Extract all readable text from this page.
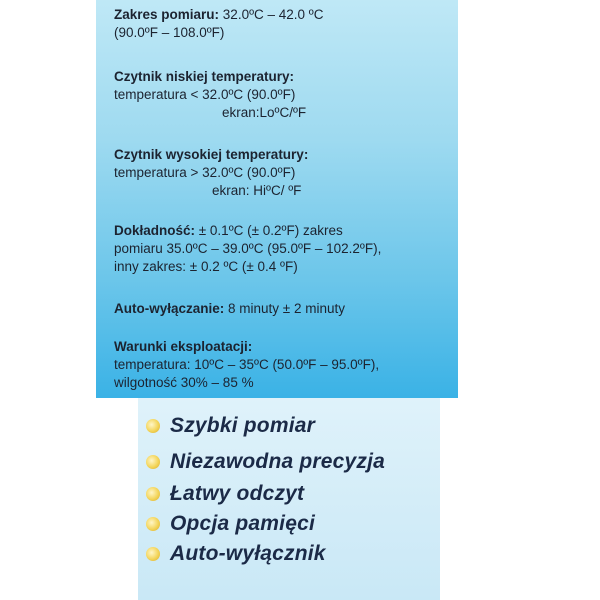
Zakres pomiaru: 32.0ºC – 42.0 ºC
(90.0ºF – 108.0ºF)
Czytnik niskiej temperatury:
temperatura < 32.0ºC (90.0ºF)
ekran:LoºC/ºF
Czytnik wysokiej temperatury:
temperatura > 32.0ºC (90.0ºF)
ekran: HiºC/ ºF
Dokładność: ± 0.1ºC (± 0.2ºF) zakres
pomiaru 35.0ºC – 39.0ºC (95.0ºF – 102.2ºF),
inny zakres: ± 0.2 ºC (± 0.4 ºF)
Auto-wyłączanie: 8 minuty ± 2 minuty
Warunki eksploatacji:
temperatura: 10ºC – 35ºC (50.0ºF – 95.0ºF),
wilgotność 30% – 85 %
Szybki pomiar
Niezawodna precyzja
Łatwy odczyt
Opcja pamięci
Auto-wyłącznik
